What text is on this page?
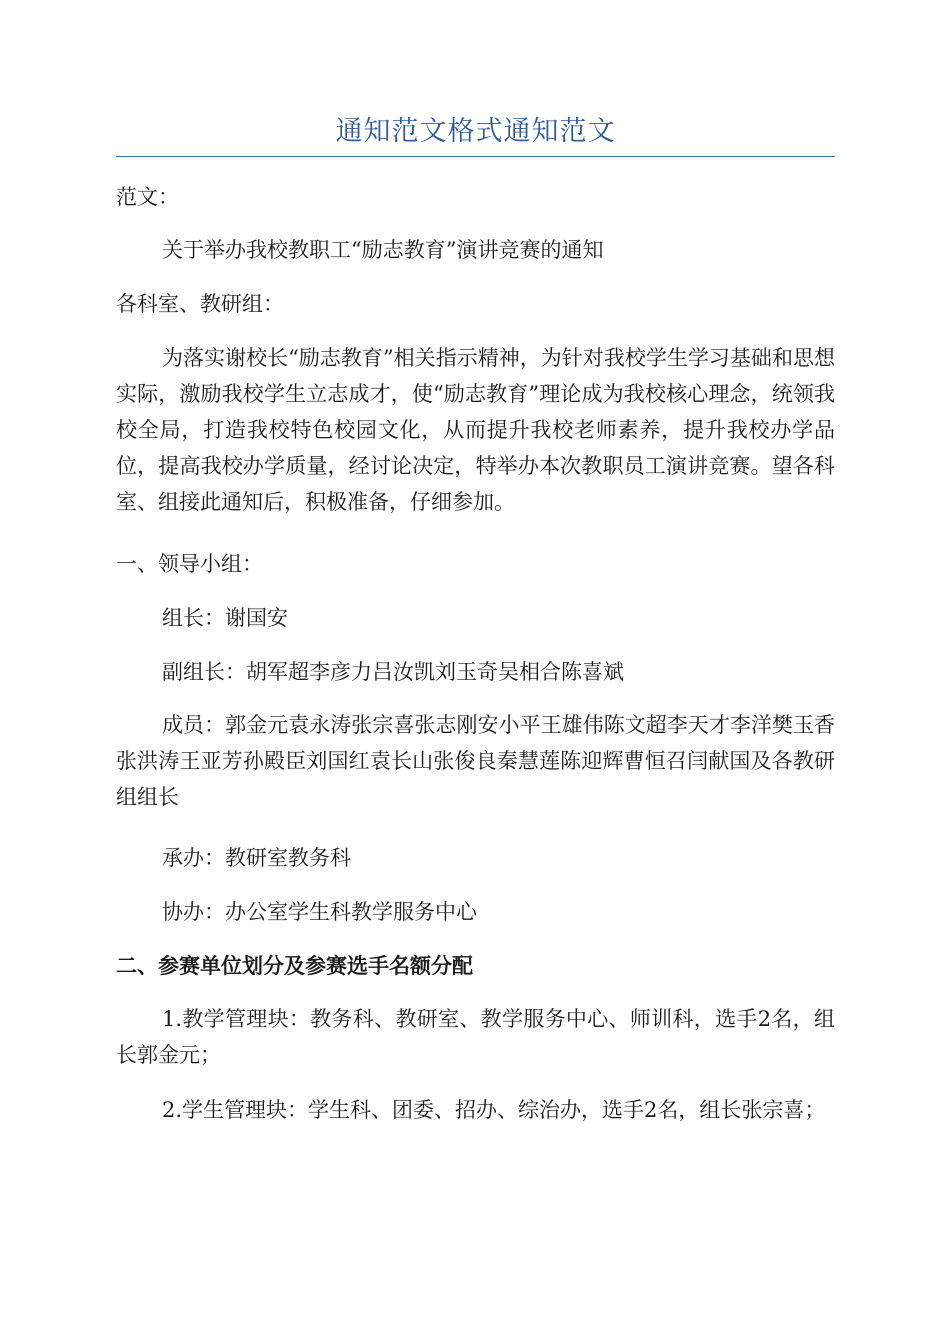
通知范文格式通知范文

范文：

关于举办我校教职工“励志教育”演讲竞赛的通知

各科室、教研组：

为落实谢校长“励志教育”相关指示精神，为针对我校学生学习基础和思想实际，激励我校学生立志成才，使“励志教育”理论成为我校核心理念，统领我校全局，打造我校特色校园文化，从而提升我校老师素养，提升我校办学品位，提高我校办学质量，经讨论决定，特举办本次教职员工演讲竞赛。望各科室、组接此通知后，积极准备，仔细参加。

一、领导小组：

组长：谢国安

副组长：胡军超李彦力吕汝凯刘玉奇吴相合陈喜斌

成员：郭金元袁永涛张宗喜张志刚安小平王雄伟陈文超李天才李洋樊玉香张洪涛王亚芳孙殿臣刘国红袁长山张俊良秦慧莲陈迎辉曹恒召闫献国及各教研组组长

承办：教研室教务科

协办：办公室学生科教学服务中心

二、参赛单位划分及参赛选手名额分配

1.教学管理块：教务科、教研室、教学服务中心、师训科，选手2名，组长郭金元；

2.学生管理块：学生科、团委、招办、综治办，选手2名，组长张宗喜；
